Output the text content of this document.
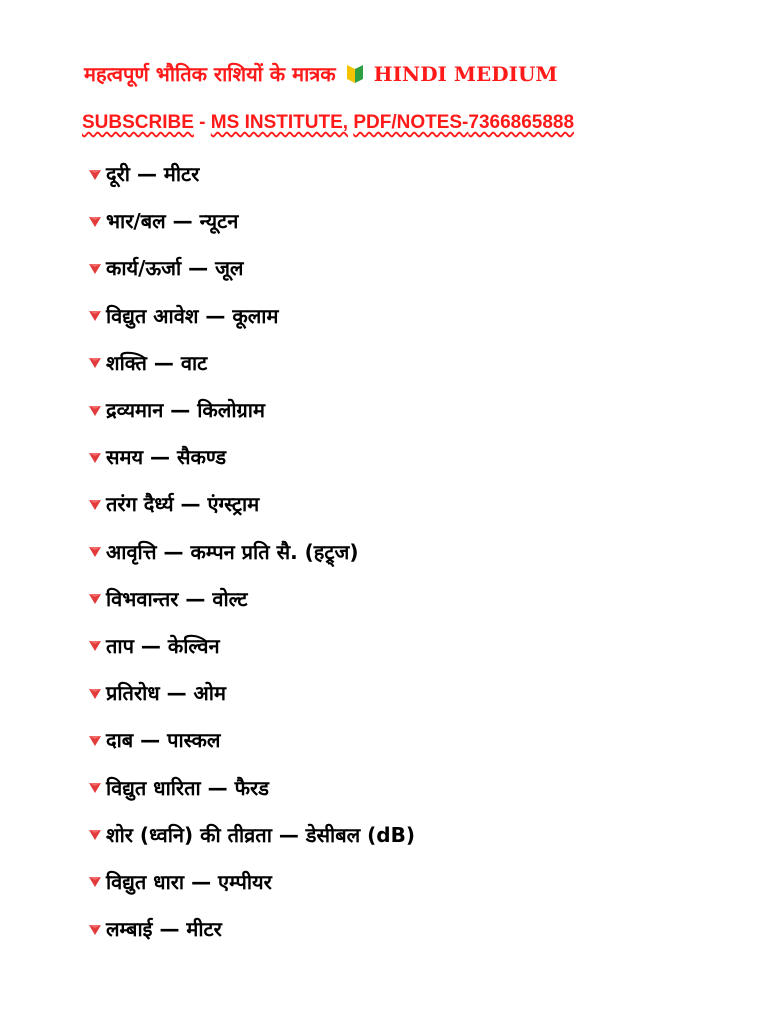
महत्वपूर्ण भौतिक राशियों के मात्रक HINDI MEDIUM
SUBSCRIBE - MS INSTITUTE, PDF/NOTES-7366865888
दूरी — मीटर
भार/बल — न्यूटन
कार्य/ऊर्जा — जूल
विद्युत आवेश — कूलाम
शक्ति — वाट
द्रव्यमान — किलोग्राम
समय — सैकण्ड
तरंग दैर्ध्य — एंग्स्ट्राम
आवृत्ति — कम्पन प्रति सै. (हट्र्ज)
विभवान्तर — वोल्ट
ताप — केल्विन
प्रतिरोध — ओम
दाब — पास्कल
विद्युत धारिता — फैरड
शोर (ध्वनि) की तीव्रता — डेसीबल (dB)
विद्युत धारा — एम्पीयर
लम्बाई — मीटर
